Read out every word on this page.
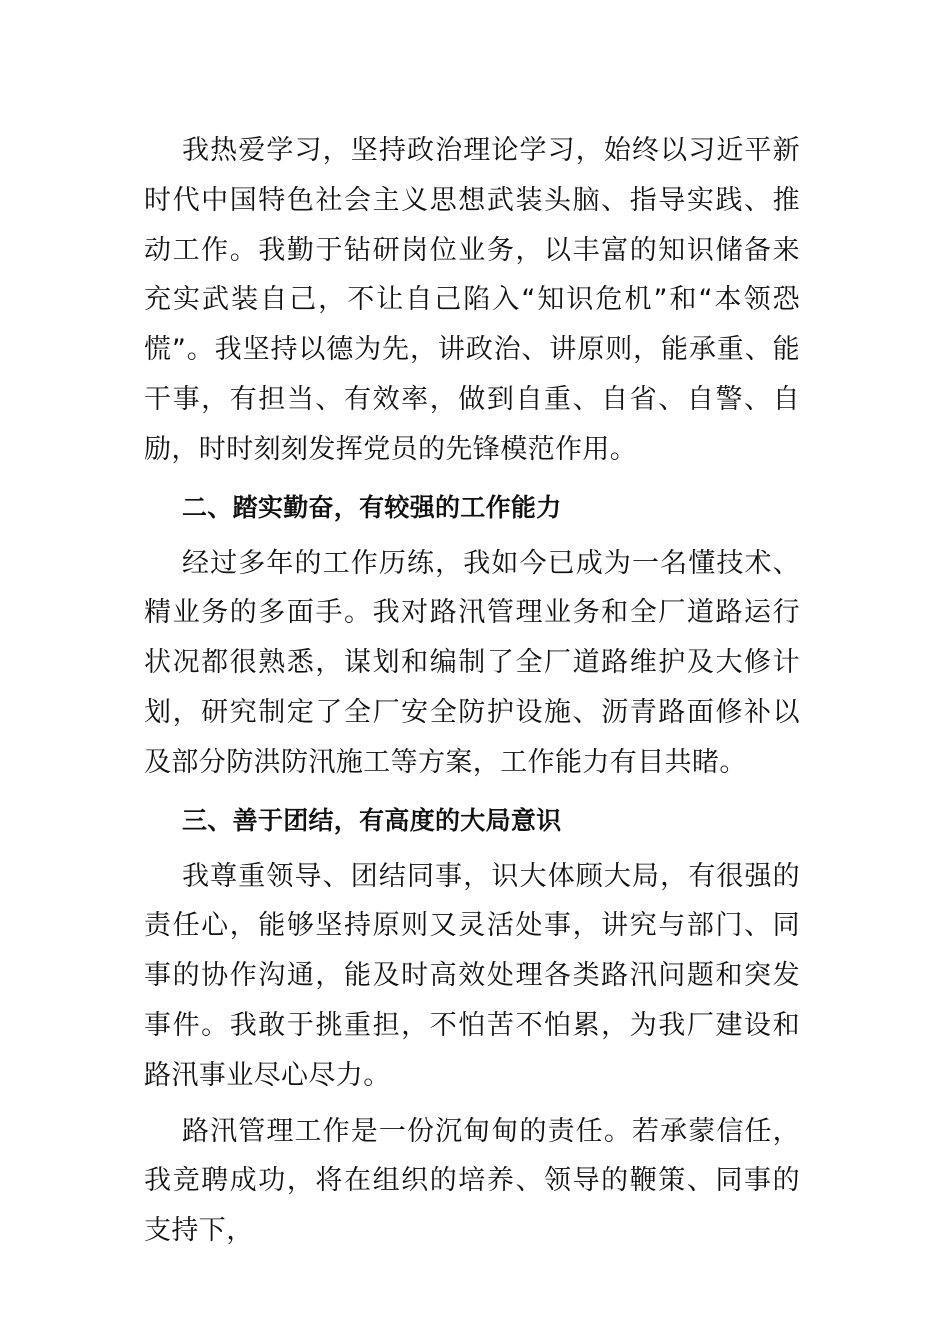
我热爱学习，坚持政治理论学习，始终以习近平新时代中国特色社会主义思想武装头脑、指导实践、推动工作。我勤于钻研岗位业务，以丰富的知识储备来充实武装自己，不让自己陷入“知识危机”和“本领恐慌”。我坚持以德为先，讲政治、讲原则，能承重、能干事，有担当、有效率，做到自重、自省、自警、自励，时时刻刻发挥党员的先锋模范作用。

二、踏实勤奋，有较强的工作能力

经过多年的工作历练，我如今已成为一名懂技术、精业务的多面手。我对路汛管理业务和全厂道路运行状况都很熟悉，谋划和编制了全厂道路维护及大修计划，研究制定了全厂安全防护设施、沥青路面修补以及部分防洪防汛施工等方案，工作能力有目共睹。

三、善于团结，有高度的大局意识

我尊重领导、团结同事，识大体顾大局，有很强的责任心，能够坚持原则又灵活处事，讲究与部门、同事的协作沟通，能及时高效处理各类路汛问题和突发事件。我敢于挑重担，不怕苦不怕累，为我厂建设和路汛事业尽心尽力。

路汛管理工作是一份沉甸甸的责任。若承蒙信任，我竞聘成功，将在组织的培养、领导的鞭策、同事的支持下，
